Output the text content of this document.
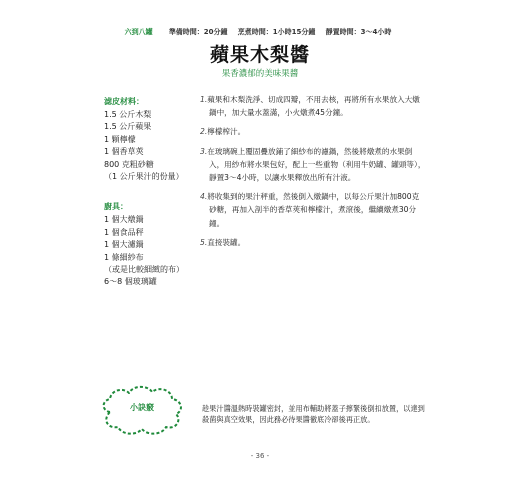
六到八罐 準備時間：20分鐘 烹煮時間：1小時15分鐘 靜置時間：3〜4小時
蘋果木梨醬
果香濃郁的美味果醬
滤皮材料：
1.5 公斤木梨
1.5 公斤蘋果
1 顆檸檬
1 個香草莢
800 克粗砂糖
（1 公斤果汁的份量）
廚具：
1 個大燉鍋
1 個食品秤
1 個大濾鍋
1 條細紗布
（或是比較細緻的布）
6〜8 個玻璃罐
1.蘋果和木梨洗淨、切成四瓣，不用去核，再將所有水果放入大燉鍋中，加大量水蓋滿，小火燉煮45分鐘。
2.檸檬榨汁。
3.在玻璃碗上覆固疊放鋪了細紗布的濾鍋，然後將燉煮的水果倒入，用紗布將水果包好，配上一些重物（利用牛奶罐、罐頭等），靜置3〜4小時，以讓水果釋放出所有汁液。
4.將收集到的果汁秤重，然後倒入燉鍋中，以每公斤果汁加800克砂糖，再加入剖半的香草莢和檸檬汁，煮滾後，繼續燉煮30分鐘。
5.直接裝罐。
小訣竅	趁果汁醬溫熱時裝罐密封，並用布輔助將蓋子擰緊後倒扣放置，以達到殺菌與真空效果，因此務必待果醬徹底冷卻後再正放。

- 36 -
